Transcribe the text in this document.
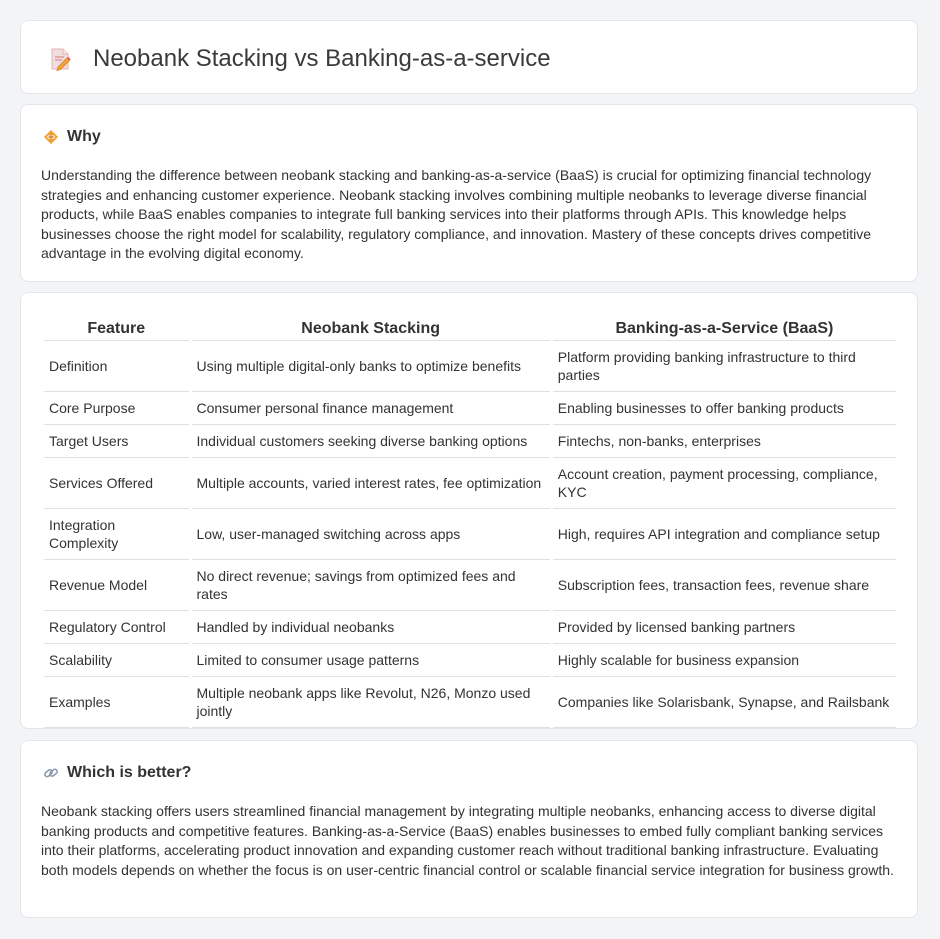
Neobank Stacking vs Banking-as-a-service
Why

Understanding the difference between neobank stacking and banking-as-a-service (BaaS) is crucial for optimizing financial technology strategies and enhancing customer experience. Neobank stacking involves combining multiple neobanks to leverage diverse financial products, while BaaS enables companies to integrate full banking services into their platforms through APIs. This knowledge helps businesses choose the right model for scalability, regulatory compliance, and innovation. Mastery of these concepts drives competitive advantage in the evolving digital economy.

Feature	Neobank Stacking	Banking-as-a-Service (BaaS)
Definition	Using multiple digital-only banks to optimize benefits	Platform providing banking infrastructure to third parties
Core Purpose	Consumer personal finance management	Enabling businesses to offer banking products
Target Users	Individual customers seeking diverse banking options	Fintechs, non-banks, enterprises
Services Offered	Multiple accounts, varied interest rates, fee optimization	Account creation, payment processing, compliance, KYC
Integration Complexity	Low, user-managed switching across apps	High, requires API integration and compliance setup
Revenue Model	No direct revenue; savings from optimized fees and rates	Subscription fees, transaction fees, revenue share
Regulatory Control	Handled by individual neobanks	Provided by licensed banking partners
Scalability	Limited to consumer usage patterns	Highly scalable for business expansion
Examples	Multiple neobank apps like Revolut, N26, Monzo used jointly	Companies like Solarisbank, Synapse, and Railsbank
Which is better?

Neobank stacking offers users streamlined financial management by integrating multiple neobanks, enhancing access to diverse digital banking products and competitive features. Banking-as-a-Service (BaaS) enables businesses to embed fully compliant banking services into their platforms, accelerating product innovation and expanding customer reach without traditional banking infrastructure. Evaluating both models depends on whether the focus is on user-centric financial control or scalable financial service integration for business growth.
